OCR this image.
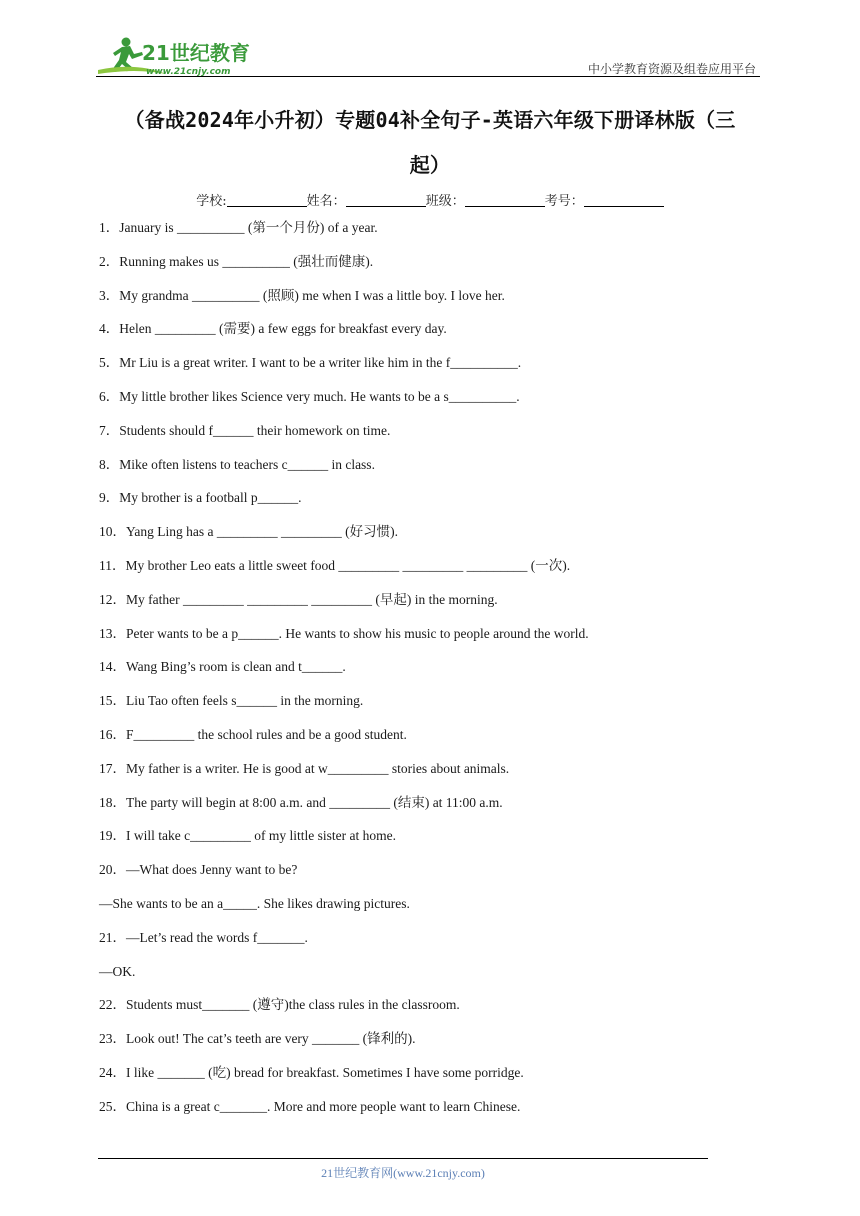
21世纪教育
www.21cnjy.com	中小学教育资源及组卷应用平台
（备战2024年小升初）专题04补全句子-英语六年级下册译林版（三
起）
学校:	姓名：	班级：	考号：
1．January is __________ (第一个月份) of a year.
2．Running makes us __________ (强壮而健康).
3．My grandma __________ (照顾) me when I was a little boy. I love her.
4．Helen _________ (需要) a few eggs for breakfast every day.
5．Mr Liu is a great writer. I want to be a writer like him in the f__________.
6．My little brother likes Science very much. He wants to be a s__________.
7．Students should f______ their homework on time.
8．Mike often listens to teachers c______ in class.
9．My brother is a football p______.
10．Yang Ling has a _________ _________ (好习惯).
11．My brother Leo eats a little sweet food _________ _________ _________ (一次).
12．My father _________ _________ _________ (早起) in the morning.
13．Peter wants to be a p______. He wants to show his music to people around the world.
14．Wang Bing’s room is clean and t______.
15．Liu Tao often feels s______ in the morning.
16．F_________ the school rules and be a good student.
17．My father is a writer. He is good at w_________ stories about animals.
18．The party will begin at 8:00 a.m. and _________ (结束) at 11:00 a.m.
19．I will take c_________ of my little sister at home.
20．—What does Jenny want to be?
—She wants to be an a_____. She likes drawing pictures.
21．—Let’s read the words f_______.
—OK.
22．Students must_______ (遵守)the class rules in the classroom.
23．Look out! The cat’s teeth are very _______ (锋利的).
24．I like _______ (吃) bread for breakfast. Sometimes I have some porridge.
25．China is a great c_______. More and more people want to learn Chinese.
21世纪教育网(www.21cnjy.com)
